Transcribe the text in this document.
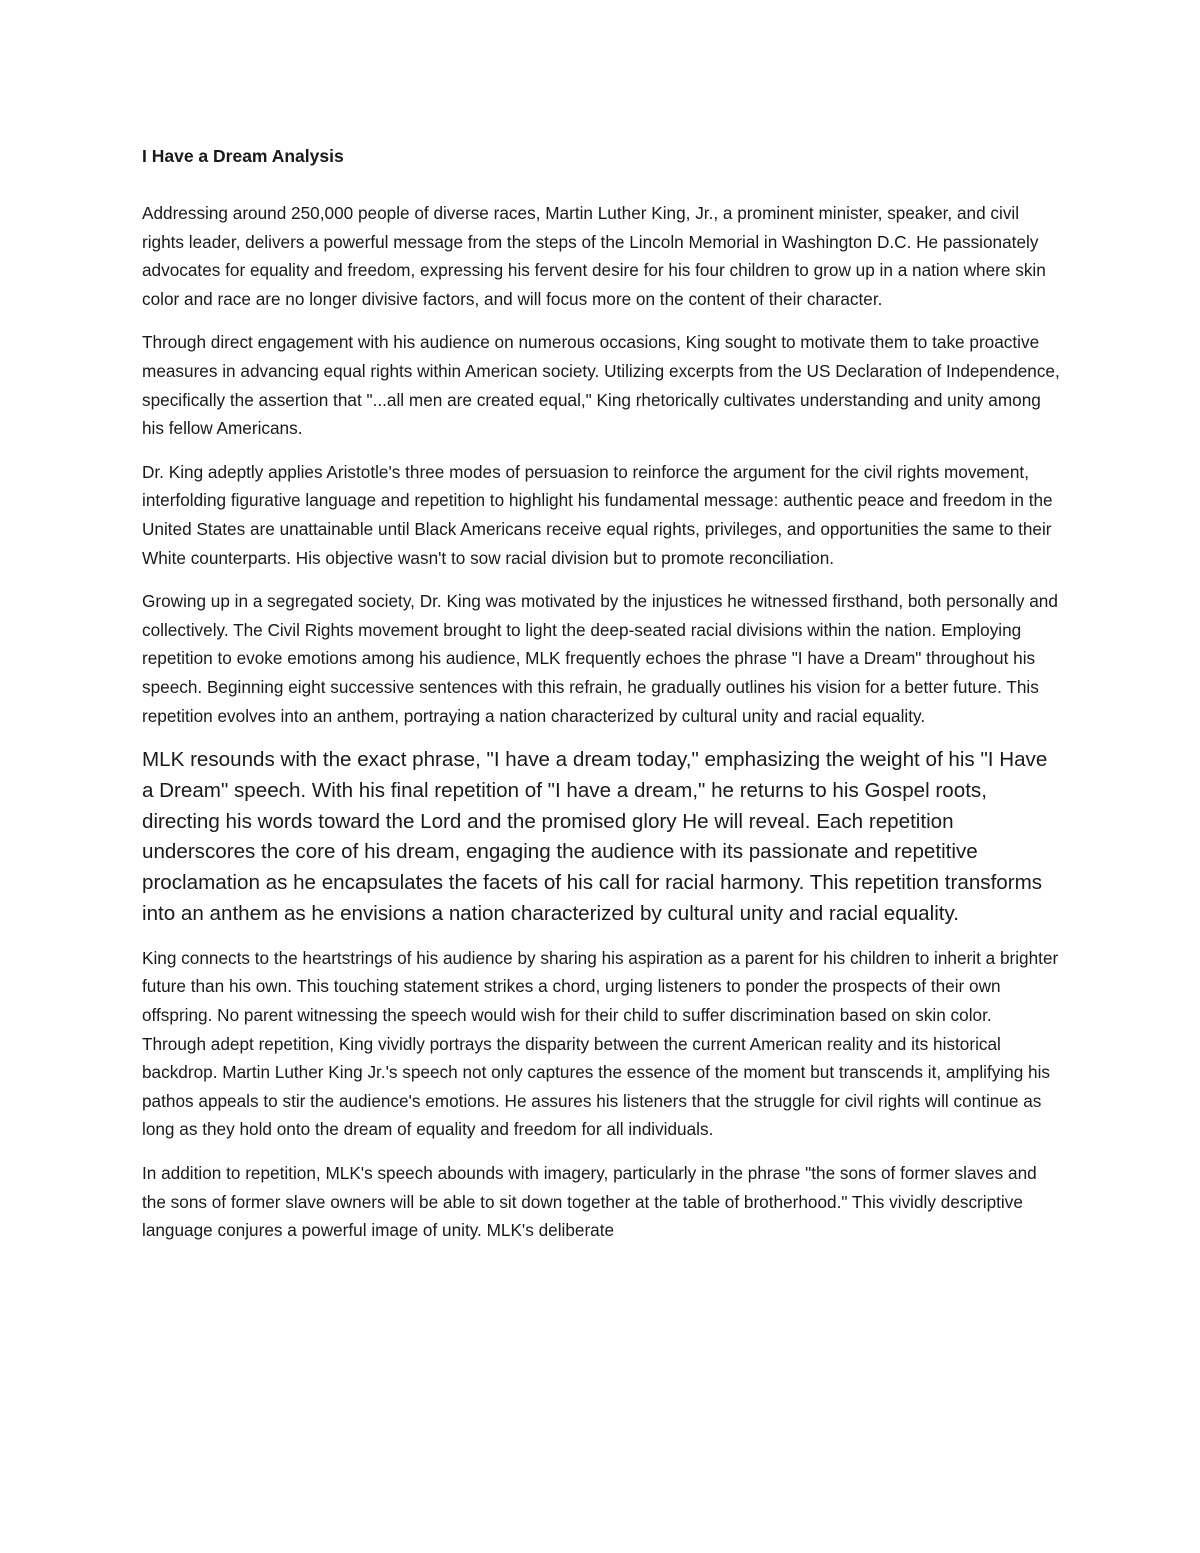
I Have a Dream Analysis

Addressing around 250,000 people of diverse races, Martin Luther King, Jr., a prominent minister, speaker, and civil rights leader, delivers a powerful message from the steps of the Lincoln Memorial in Washington D.C. He passionately advocates for equality and freedom, expressing his fervent desire for his four children to grow up in a nation where skin color and race are no longer divisive factors, and will focus more on the content of their character.

Through direct engagement with his audience on numerous occasions, King sought to motivate them to take proactive measures in advancing equal rights within American society. Utilizing excerpts from the US Declaration of Independence, specifically the assertion that "...all men are created equal," King rhetorically cultivates understanding and unity among his fellow Americans.

Dr. King adeptly applies Aristotle's three modes of persuasion to reinforce the argument for the civil rights movement, interfolding figurative language and repetition to highlight his fundamental message: authentic peace and freedom in the United States are unattainable until Black Americans receive equal rights, privileges, and opportunities the same to their White counterparts. His objective wasn't to sow racial division but to promote reconciliation.

Growing up in a segregated society, Dr. King was motivated by the injustices he witnessed firsthand, both personally and collectively. The Civil Rights movement brought to light the deep-seated racial divisions within the nation. Employing repetition to evoke emotions among his audience, MLK frequently echoes the phrase "I have a Dream" throughout his speech. Beginning eight successive sentences with this refrain, he gradually outlines his vision for a better future. This repetition evolves into an anthem, portraying a nation characterized by cultural unity and racial equality.

MLK resounds with the exact phrase, "I have a dream today," emphasizing the weight of his "I Have a Dream" speech. With his final repetition of "I have a dream," he returns to his Gospel roots, directing his words toward the Lord and the promised glory He will reveal. Each repetition underscores the core of his dream, engaging the audience with its passionate and repetitive proclamation as he encapsulates the facets of his call for racial harmony. This repetition transforms into an anthem as he envisions a nation characterized by cultural unity and racial equality.

King connects to the heartstrings of his audience by sharing his aspiration as a parent for his children to inherit a brighter future than his own. This touching statement strikes a chord, urging listeners to ponder the prospects of their own offspring. No parent witnessing the speech would wish for their child to suffer discrimination based on skin color. Through adept repetition, King vividly portrays the disparity between the current American reality and its historical backdrop. Martin Luther King Jr.'s speech not only captures the essence of the moment but transcends it, amplifying his pathos appeals to stir the audience's emotions. He assures his listeners that the struggle for civil rights will continue as long as they hold onto the dream of equality and freedom for all individuals.

In addition to repetition, MLK's speech abounds with imagery, particularly in the phrase "the sons of former slaves and the sons of former slave owners will be able to sit down together at the table of brotherhood." This vividly descriptive language conjures a powerful image of unity. MLK's deliberate
